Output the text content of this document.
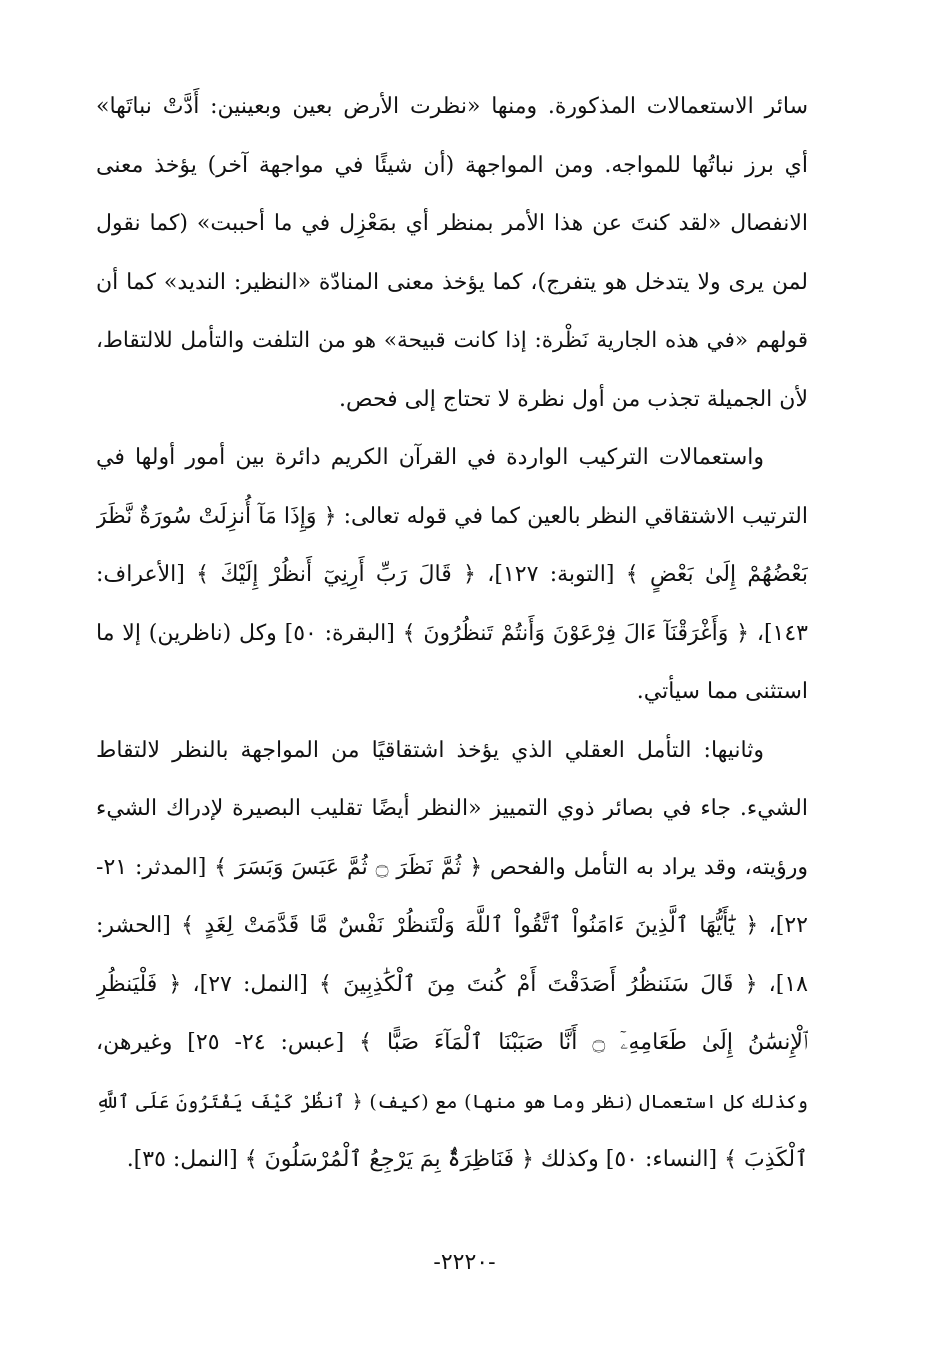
سائر الاستعمالات المذكورة. ومنها «نظرت الأرض بعين وبعينين: أَدَّتْ نباتَها»
أي برز نباتُها للمواجه. ومن المواجهة (أن شيئًا في مواجهة آخر) يؤخذ معنى
الانفصال «لقد كنتَ عن هذا الأمر بمنظر أي بمَعْزِل في ما أحببت» (كما نقول
لمن يرى ولا يتدخل هو يتفرج)، كما يؤخذ معنى المنادّة «النظير: النديد» كما أن
قولهم «في هذه الجارية نَظْرة: إذا كانت قبيحة» هو من التلفت والتأمل للالتقاط،
لأن الجميلة تجذب من أول نظرة لا تحتاج إلى فحص.
واستعمالات التركيب الواردة في القرآن الكريم دائرة بين أمور أولها في
الترتيب الاشتقاقي النظر بالعين كما في قوله تعالى: ﴿ وَإِذَا مَآ أُنزِلَتْ سُورَةٌ نَّظَرَ
بَعْضُهُمْ إِلَىٰ بَعْضٍ ﴾ [التوبة: ١٢٧]، ﴿ قَالَ رَبِّ أَرِنِيٓ أَنظُرْ إِلَيْكَ ﴾ [الأعراف:
١٤٣]، ﴿ وَأَغْرَقْنَآ ءَالَ فِرْعَوْنَ وَأَنتُمْ تَنظُرُونَ ﴾ [البقرة: ٥٠] وكل (ناظرين) إلا ما
استثنى مما سيأتي.
وثانيها: التأمل العقلي الذي يؤخذ اشتقاقيًا من المواجهة بالنظر لالتقاط
الشيء. جاء في بصائر ذوي التمييز «النظر أيضًا تقليب البصيرة لإدراك الشيء
ورؤيته، وقد يراد به التأمل والفحص ﴿ ثُمَّ نَظَرَ ۝ ثُمَّ عَبَسَ وَبَسَرَ ﴾ [المدثر: ٢١-
٢٢]، ﴿ يَٰٓأَيُّهَا ٱلَّذِينَ ءَامَنُواْ ٱتَّقُواْ ٱللَّهَ وَلْتَنظُرْ نَفْسٌ مَّا قَدَّمَتْ لِغَدٍ ﴾ [الحشر:
١٨]، ﴿ قَالَ سَنَنظُرُ أَصَدَقْتَ أَمْ كُنتَ مِنَ ٱلْكَٰذِبِينَ ﴾ [النمل: ٢٧]، ﴿ فَلْيَنظُرِ
ٱلْإِنسَٰنُ إِلَىٰ طَعَامِهِۦٓ ۝ أَنَّا صَبَبْنَا ٱلْمَآءَ صَبًّا ﴾ [عبس: ٢٤- ٢٥] وغيرهن،
وكذلك كل استعمال (نظر وما هو منها) مع (كيف) ﴿ ٱنظُرْ كَيْفَ يَفْتَرُونَ عَلَى ٱللَّهِ
ٱلْكَذِبَ ﴾ [النساء: ٥٠] وكذلك ﴿ فَنَاظِرَةٌۢ بِمَ يَرْجِعُ ٱلْمُرْسَلُونَ ﴾ [النمل: ٣٥].
-٢٢٢٠-
